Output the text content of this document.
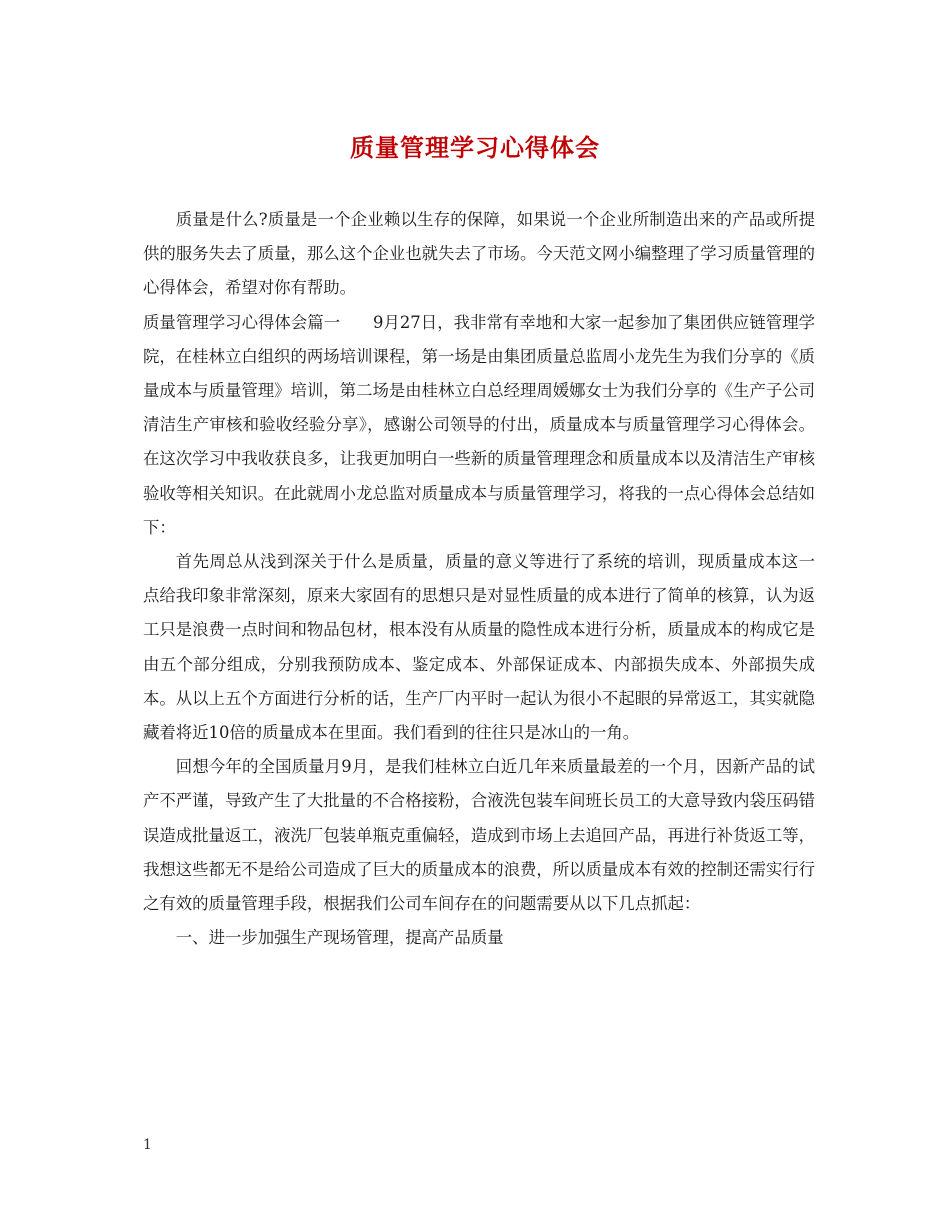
质量管理学习心得体会

质量是什么?质量是一个企业赖以生存的保障，如果说一个企业所制造出来的产品或所提供的服务失去了质量，那么这个企业也就失去了市场。今天范文网小编整理了学习质量管理的心得体会，希望对你有帮助。

质量管理学习心得体会篇一　　9月27日，我非常有幸地和大家一起参加了集团供应链管理学院，在桂林立白组织的两场培训课程，第一场是由集团质量总监周小龙先生为我们分享的《质量成本与质量管理》培训，第二场是由桂林立白总经理周媛娜女士为我们分享的《生产子公司清洁生产审核和验收经验分享》，感谢公司领导的付出，质量成本与质量管理学习心得体会。在这次学习中我收获良多，让我更加明白一些新的质量管理理念和质量成本以及清洁生产审核验收等相关知识。在此就周小龙总监对质量成本与质量管理学习，将我的一点心得体会总结如下：

首先周总从浅到深关于什么是质量，质量的意义等进行了系统的培训，现质量成本这一点给我印象非常深刻，原来大家固有的思想只是对显性质量的成本进行了简单的核算，认为返工只是浪费一点时间和物品包材，根本没有从质量的隐性成本进行分析，质量成本的构成它是由五个部分组成，分别我预防成本、鉴定成本、外部保证成本、内部损失成本、外部损失成本。从以上五个方面进行分析的话，生产厂内平时一起认为很小不起眼的异常返工，其实就隐藏着将近10倍的质量成本在里面。我们看到的往往只是冰山的一角。

回想今年的全国质量月9月，是我们桂林立白近几年来质量最差的一个月，因新产品的试产不严谨，导致产生了大批量的不合格接粉，合液洗包装车间班长员工的大意导致内袋压码错误造成批量返工，液洗厂包装单瓶克重偏轻，造成到市场上去追回产品，再进行补货返工等，我想这些都无不是给公司造成了巨大的质量成本的浪费，所以质量成本有效的控制还需实行行之有效的质量管理手段，根据我们公司车间存在的问题需要从以下几点抓起：

一、进一步加强生产现场管理，提高产品质量

1
